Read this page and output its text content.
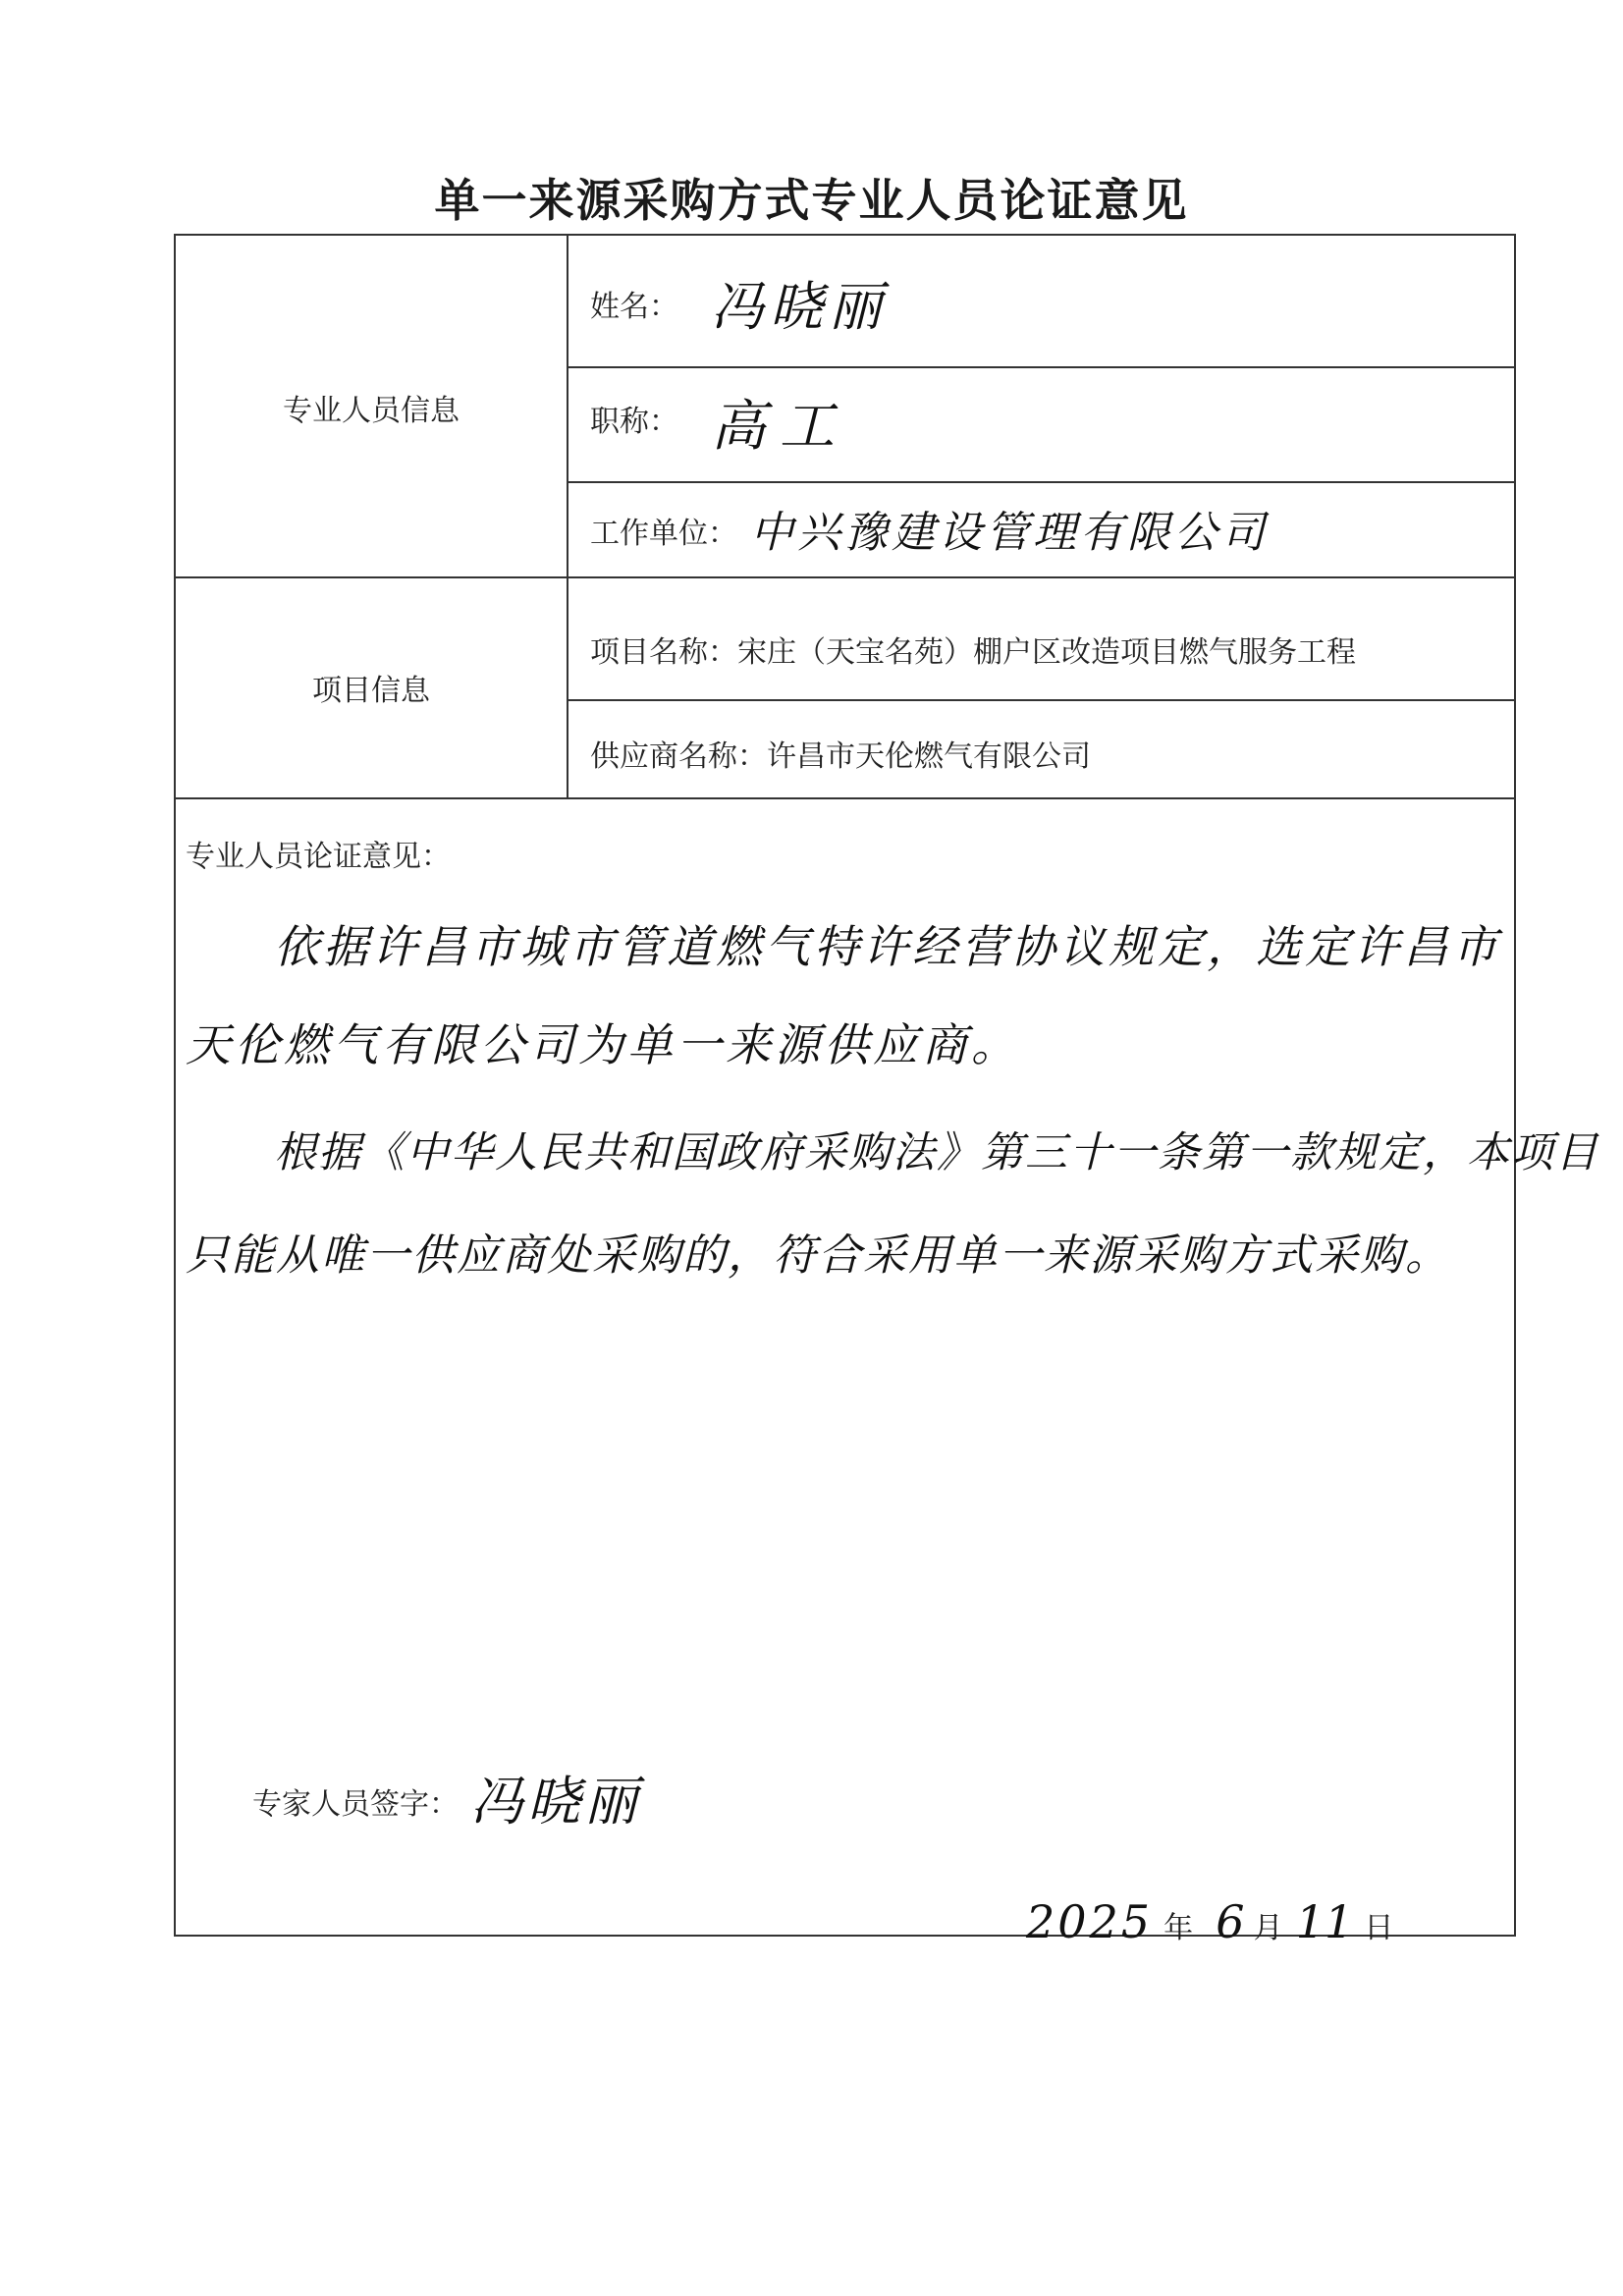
单一来源采购方式专业人员论证意见
专业人员信息
姓名： 冯晓丽
职称： 高工
工作单位： 中兴豫建设管理有限公司
项目信息
项目名称： 宋庄（天宝名苑）棚户区改造项目燃气服务工程
供应商名称： 许昌市天伦燃气有限公司
专业人员论证意见：
依据许昌市城市管道燃气特许经营协议规定，选定许昌市
天伦燃气有限公司为单一来源供应商。
根据《中华人民共和国政府采购法》第三十一条第一款规定，本项目
只能从唯一供应商处采购的，符合采用单一来源采购方式采购。
专家人员签字： 冯晓丽
2025 年 6 月 11 日
